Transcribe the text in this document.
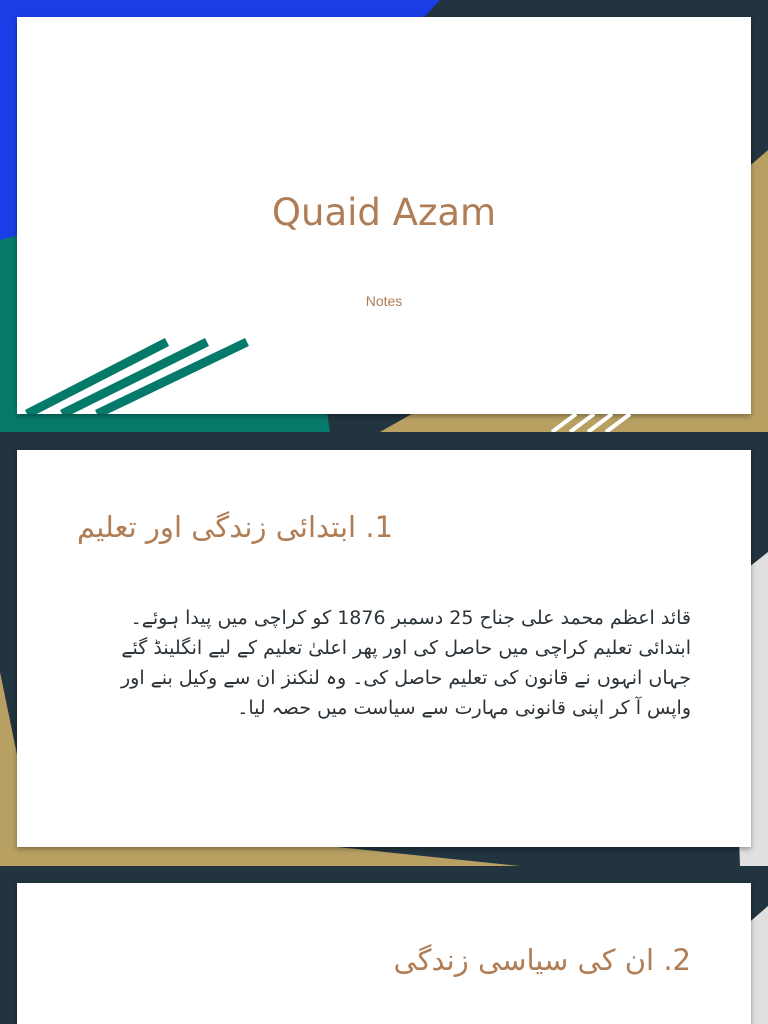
Quaid Azam
Notes
1. ابتدائی زندگی اور تعلیم
قائد اعظم محمد علی جناح 25 دسمبر 1876 کو کراچی میں پیدا ہوئے۔ ابتدائی تعلیم کراچی میں حاصل کی اور پھر اعلیٰ تعلیم کے لیے انگلینڈ گئے جہاں انہوں نے قانون کی تعلیم حاصل کی۔ وہ لنکنز ان سے وکیل بنے اور واپس آ کر اپنی قانونی مہارت سے سیاست میں حصہ لیا۔
2. ان کی سیاسی زندگی
